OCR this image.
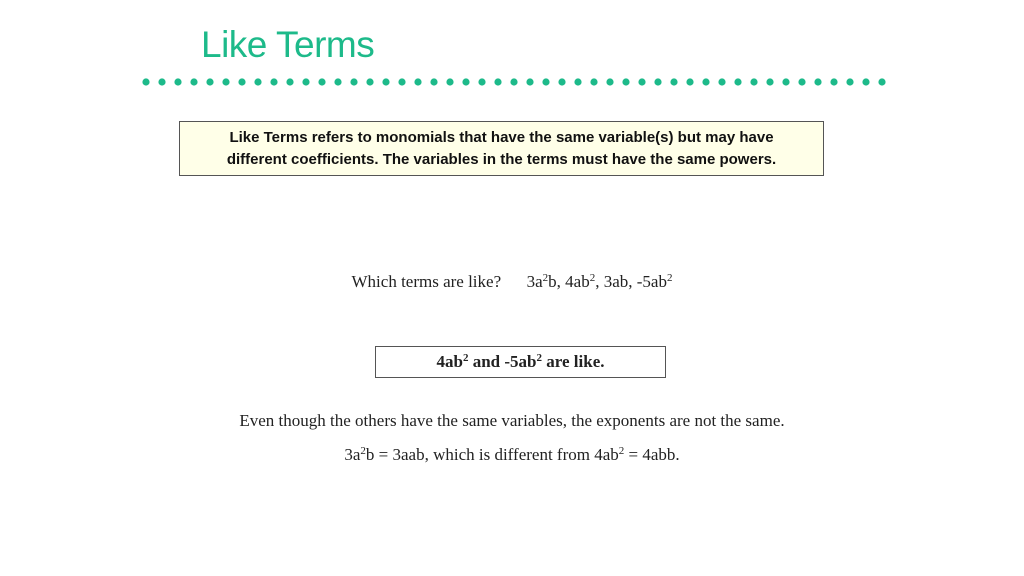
Like Terms
Like Terms refers to monomials that have the same variable(s) but may have
different coefficients. The variables in the terms must have the same powers.
Which terms are like? $3a^2b$, $4ab^2$, 3ab, $-5ab^2$
$4ab^2$ and $-5ab^2$ are like.
Even though the others have the same variables, the exponents are not the same.
$3a^2b = 3aab$, which is different from $4ab^2 = 4abb$.
